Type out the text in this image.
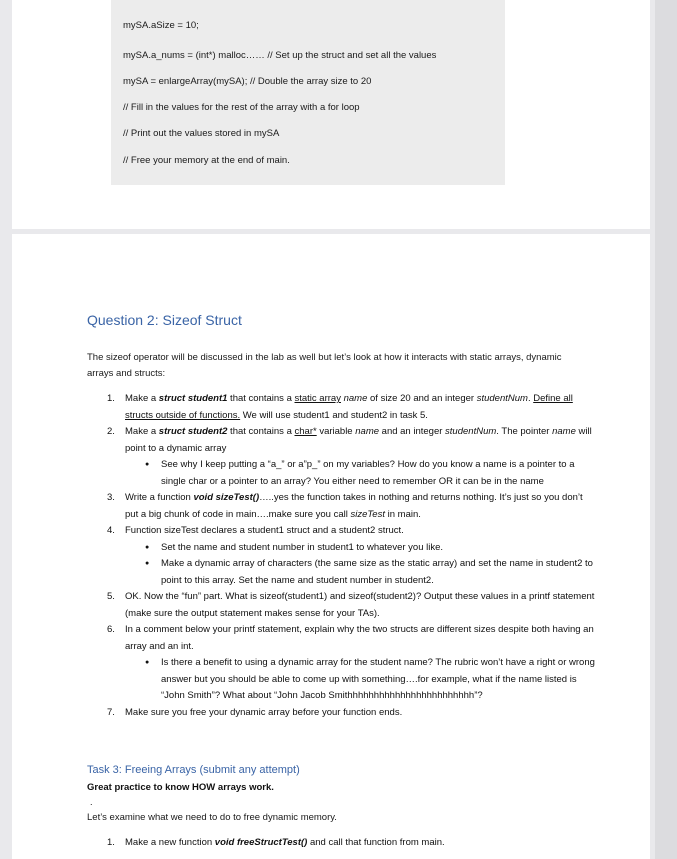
mySA.aSize = 10;
mySA.a_nums = (int*) malloc…… // Set up the struct and set all the values
mySA = enlargeArray(mySA); // Double the array size to 20
// Fill in the values for the rest of the array with a for loop
// Print out the values stored in mySA
// Free your memory at the end of main.
Question 2: Sizeof Struct

The sizeof operator will be discussed in the lab as well but let’s look at how it interacts with static arrays, dynamic arrays and structs:

1. Make a struct student1 that contains a static array name of size 20 and an integer studentNum. Define all structs outside of functions. We will use student1 and student2 in task 5.
2. Make a struct student2 that contains a char* variable name and an integer studentNum. The pointer name will point to a dynamic array
● See why I keep putting a “a_” or a”p_” on my variables? How do you know a name is a pointer to a single char or a pointer to an array? You either need to remember OR it can be in the name
3. Write a function void sizeTest()…..yes the function takes in nothing and returns nothing. It’s just so you don’t put a big chunk of code in main….make sure you call sizeTest in main.
4. Function sizeTest declares a student1 struct and a student2 struct.
● Set the name and student number in student1 to whatever you like.
● Make a dynamic array of characters (the same size as the static array) and set the name in student2 to point to this array. Set the name and student number in student2.
5. OK. Now the “fun” part. What is sizeof(student1) and sizeof(student2)? Output these values in a printf statement (make sure the output statement makes sense for your TAs).
6. In a comment below your printf statement, explain why the two structs are different sizes despite both having an array and an int.
● Is there a benefit to using a dynamic array for the student name? The rubric won’t have a right or wrong answer but you should be able to come up with something….for example, what if the name listed is “John Smith”? What about “John Jacob Smithhhhhhhhhhhhhhhhhhhhhhhh”?
7. Make sure you free your dynamic array before your function ends.
Task 3: Freeing Arrays (submit any attempt)

Great practice to know HOW arrays work.

.

Let’s examine what we need to do to free dynamic memory.

1. Make a new function void freeStructTest() and call that function from main.
